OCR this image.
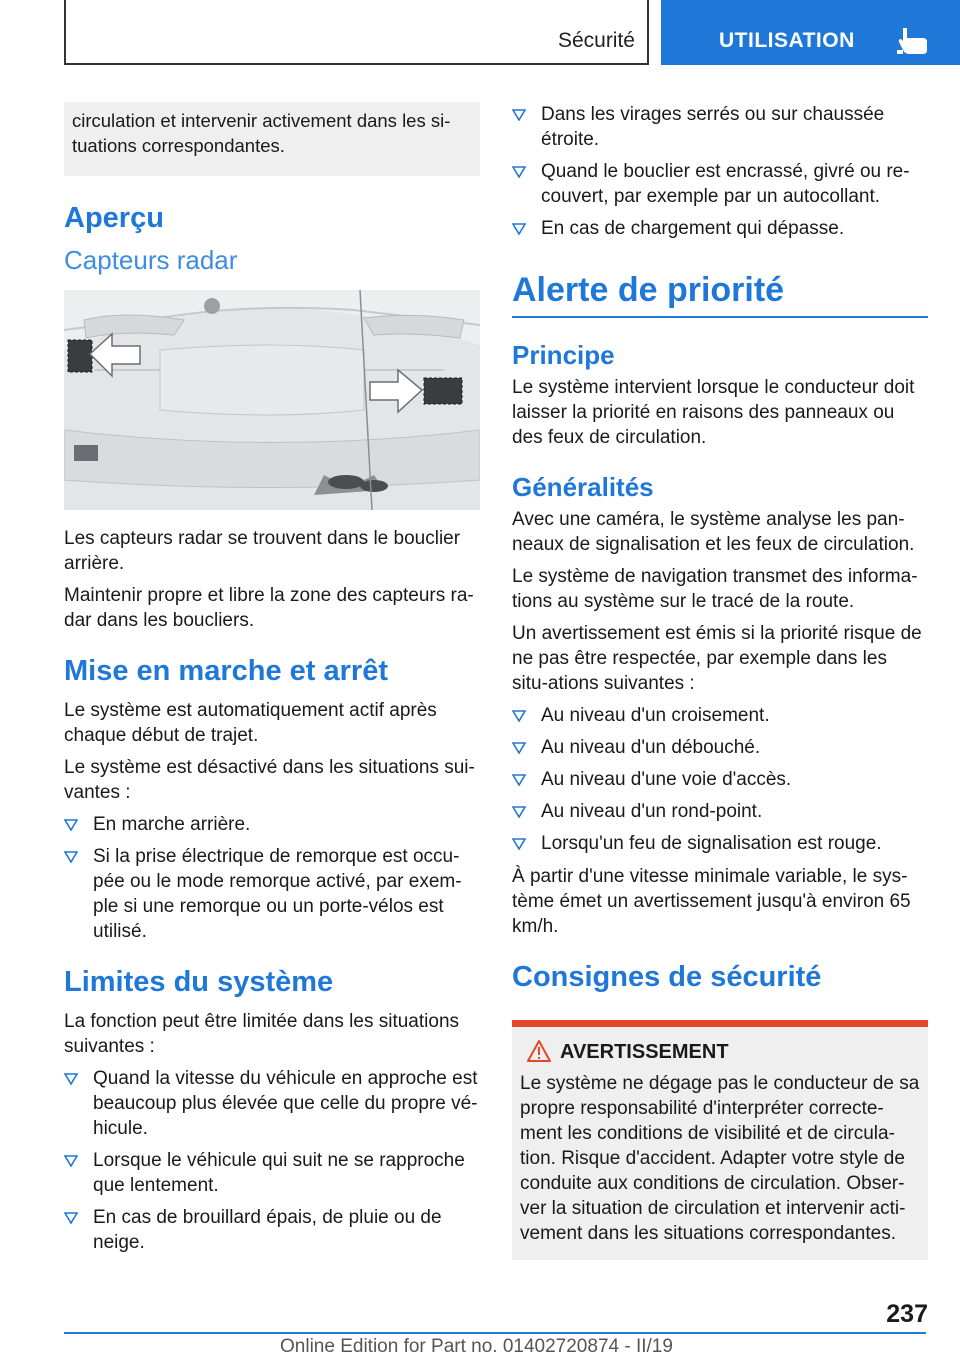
Sécurité	UTILISATION
circulation et intervenir activement dans les si-tuations correspondantes.
Aperçu
Capteurs radar

Les capteurs radar se trouvent dans le bouclier arrière.

Maintenir propre et libre la zone des capteurs ra-dar dans les boucliers.

Mise en marche et arrêt

Le système est automatiquement actif après chaque début de trajet.

Le système est désactivé dans les situations sui-vantes :

En marche arrière.
Si la prise électrique de remorque est occu-pée ou le mode remorque activé, par exem-ple si une remorque ou un porte-vélos est utilisé.
Limites du système

La fonction peut être limitée dans les situations suivantes :

Quand la vitesse du véhicule en approche est beaucoup plus élevée que celle du propre vé-hicule.
Lorsque le véhicule qui suit ne se rapproche que lentement.
En cas de brouillard épais, de pluie ou de neige.
Dans les virages serrés ou sur chaussée étroite.
Quand le bouclier est encrassé, givré ou re-couvert, par exemple par un autocollant.
En cas de chargement qui dépasse.
Alerte de priorité
Principe

Le système intervient lorsque le conducteur doit laisser la priorité en raisons des panneaux ou des feux de circulation.

Généralités

Avec une caméra, le système analyse les pan-neaux de signalisation et les feux de circulation.

Le système de navigation transmet des informa-tions au système sur le tracé de la route.

Un avertissement est émis si la priorité risque de ne pas être respectée, par exemple dans les situ-ations suivantes :

Au niveau d'un croisement.
Au niveau d'un débouché.
Au niveau d'une voie d'accès.
Au niveau d'un rond-point.
Lorsqu'un feu de signalisation est rouge.

À partir d'une vitesse minimale variable, le sys-tème émet un avertissement jusqu'à environ 65 km/h.

Consignes de sécurité
AVERTISSEMENT
Le système ne dégage pas le conducteur de sa propre responsabilité d'interpréter correcte-ment les conditions de visibilité et de circula-tion. Risque d'accident. Adapter votre style de conduite aux conditions de circulation. Obser-ver la situation de circulation et intervenir acti-vement dans les situations correspondantes.
237
Online Edition for Part no. 01402720874 - II/19
